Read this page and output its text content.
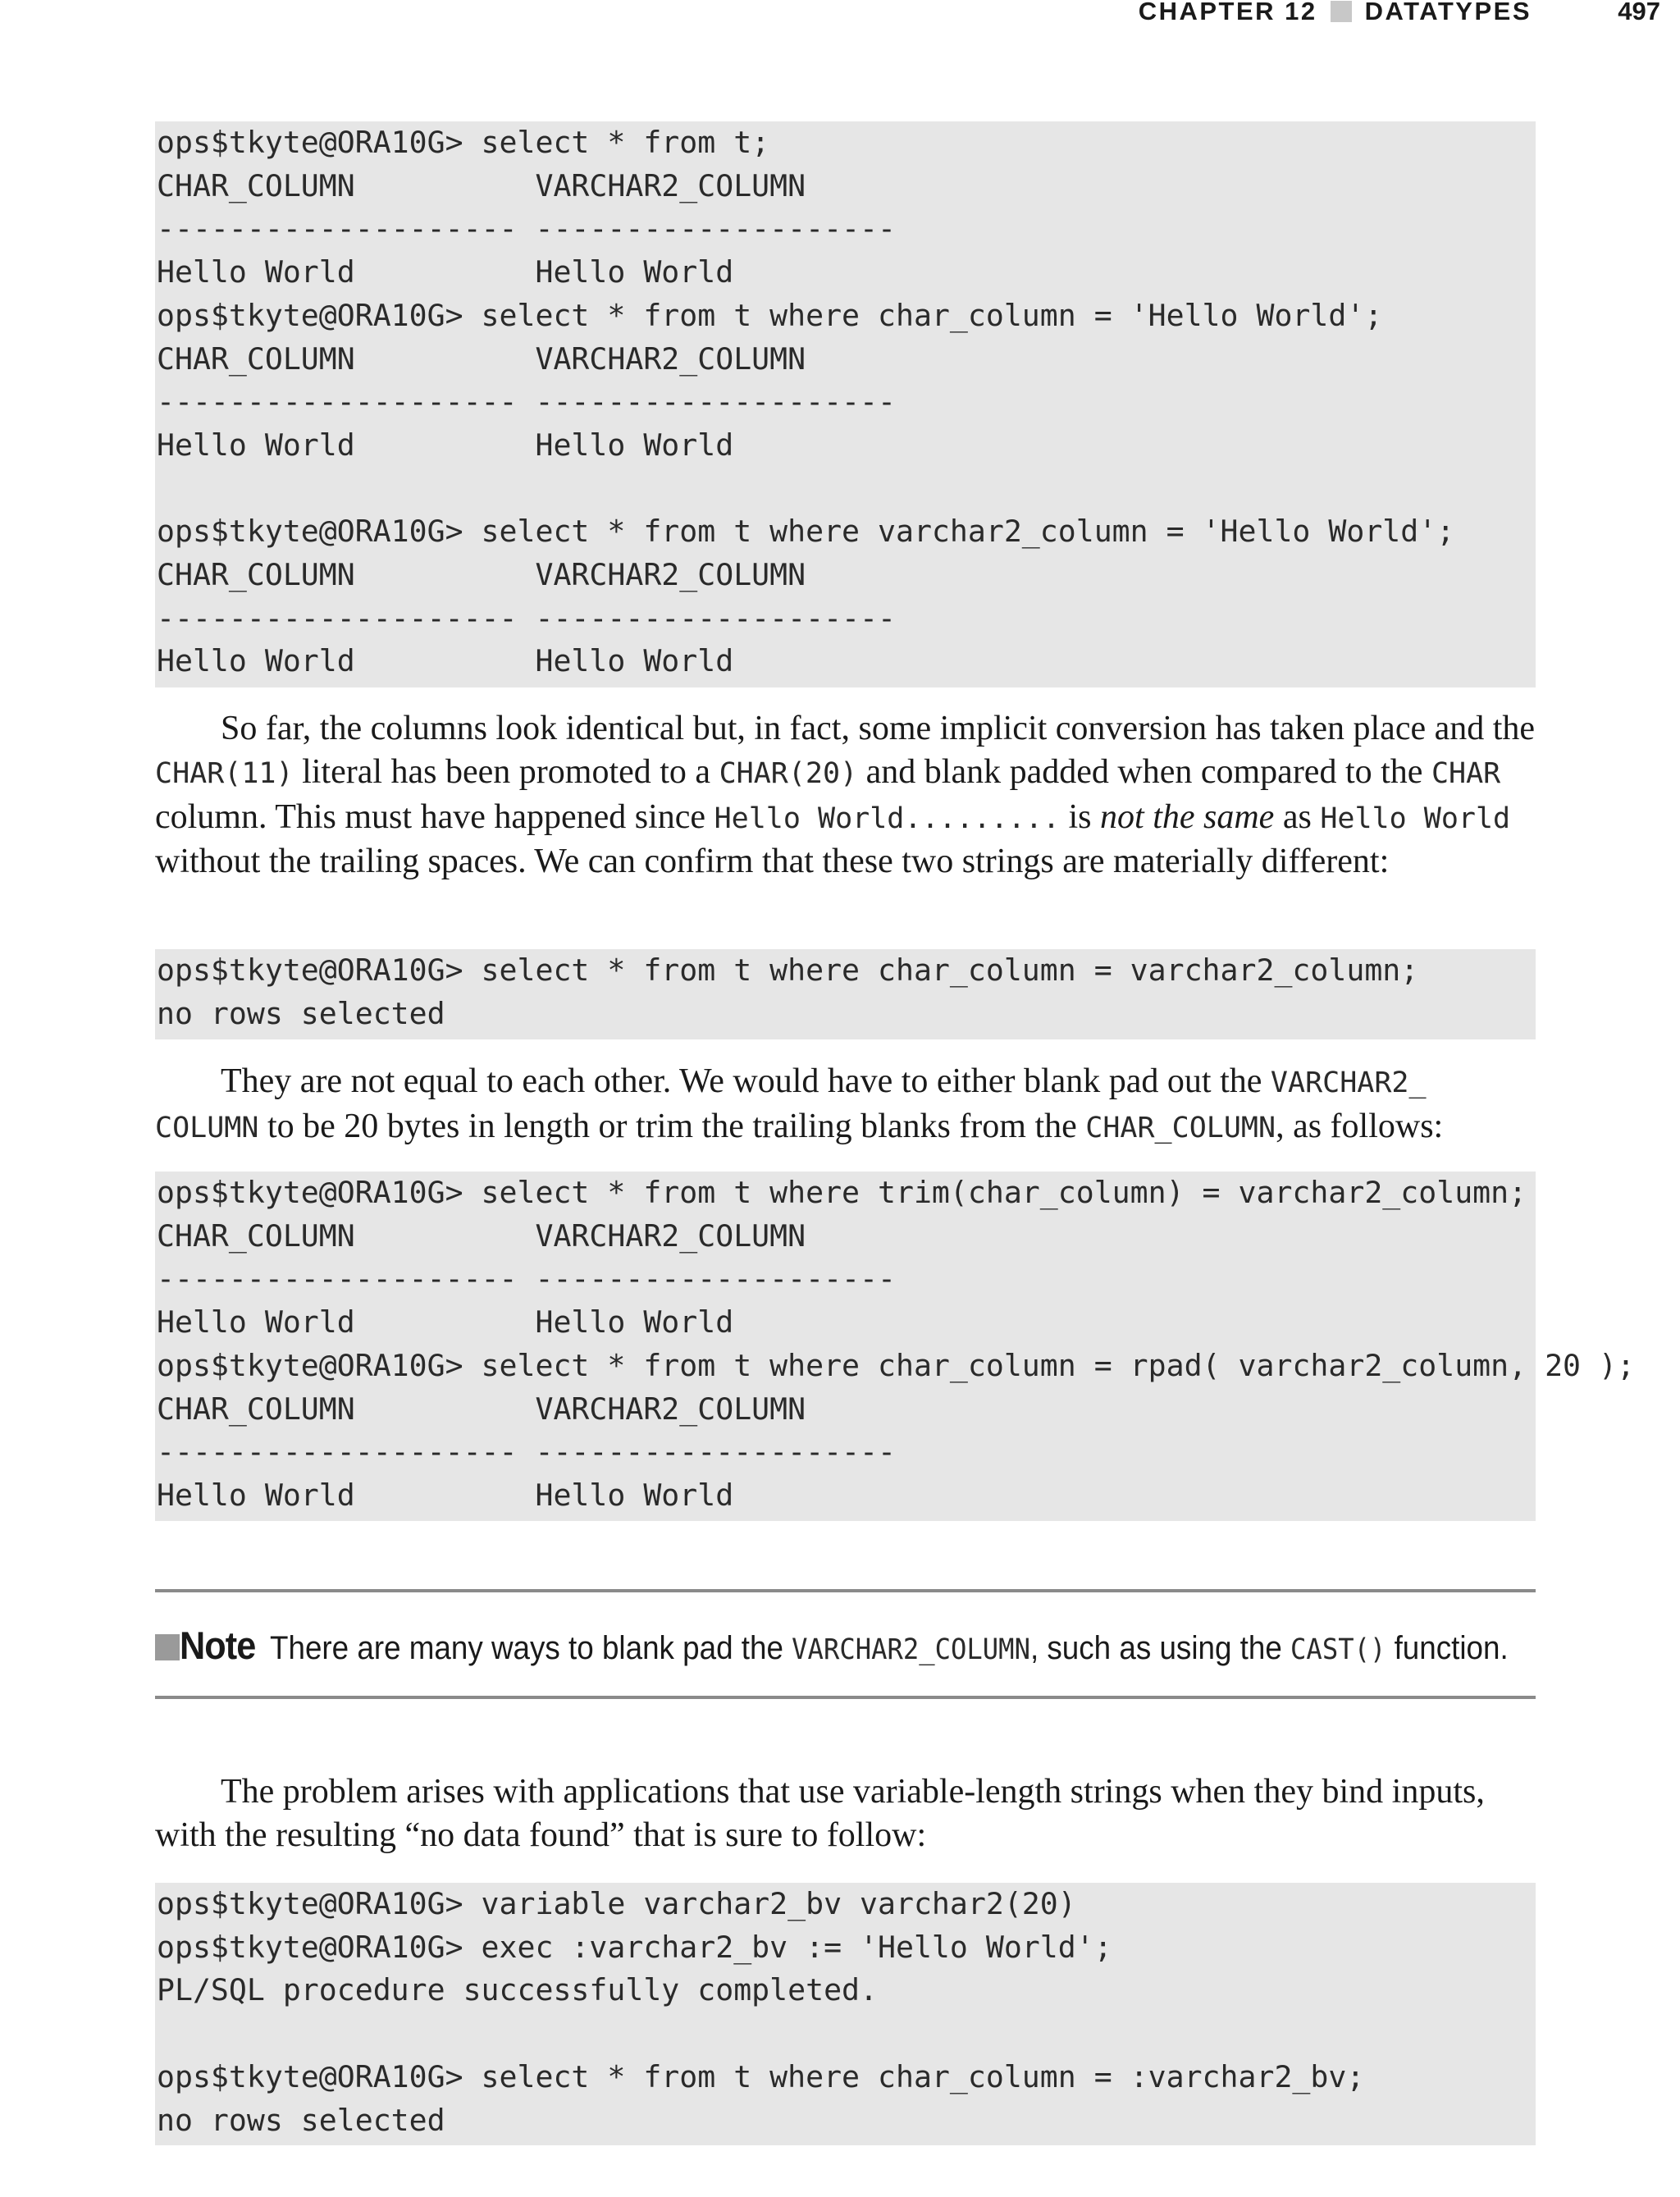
CHAPTER 12 DATATYPES	497
ops$tkyte@ORA10G> select * from t;
CHAR_COLUMN          VARCHAR2_COLUMN
-------------------- --------------------
Hello World          Hello World
ops$tkyte@ORA10G> select * from t where char_column = 'Hello World';
CHAR_COLUMN          VARCHAR2_COLUMN
-------------------- --------------------
Hello World          Hello World

ops$tkyte@ORA10G> select * from t where varchar2_column = 'Hello World';
CHAR_COLUMN          VARCHAR2_COLUMN
-------------------- --------------------
Hello World          Hello World

So far, the columns look identical but, in fact, some implicit conversion has taken place and the CHAR(11) literal has been promoted to a CHAR(20) and blank padded when compared to the CHAR column. This must have happened since Hello World......... is not the same as Hello World without the trailing spaces. We can confirm that these two strings are materially different:

ops$tkyte@ORA10G> select * from t where char_column = varchar2_column;
no rows selected

They are not equal to each other. We would have to either blank pad out the VARCHAR2_
COLUMN to be 20 bytes in length or trim the trailing blanks from the CHAR_COLUMN, as follows:

ops$tkyte@ORA10G> select * from t where trim(char_column) = varchar2_column;
CHAR_COLUMN          VARCHAR2_COLUMN
-------------------- --------------------
Hello World          Hello World
ops$tkyte@ORA10G> select * from t where char_column = rpad( varchar2_column, 20 );
CHAR_COLUMN          VARCHAR2_COLUMN
-------------------- --------------------
Hello World          Hello World
Note There are many ways to blank pad the VARCHAR2_COLUMN, such as using the CAST() function.

The problem arises with applications that use variable-length strings when they bind inputs, with the resulting “no data found” that is sure to follow:

ops$tkyte@ORA10G> variable varchar2_bv varchar2(20)
ops$tkyte@ORA10G> exec :varchar2_bv := 'Hello World';
PL/SQL procedure successfully completed.

ops$tkyte@ORA10G> select * from t where char_column = :varchar2_bv;
no rows selected
